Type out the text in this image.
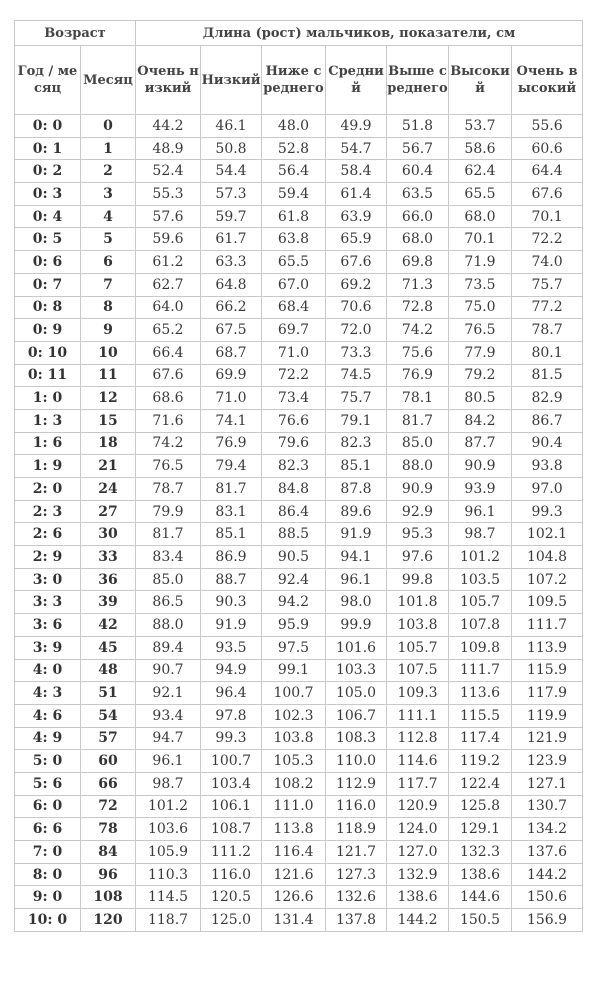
Возраст		Длина (рост) мальчиков, показатели, см						
Год / месяц	Месяц	Очень низкий	Низкий	Ниже среднего	Средний	Выше среднего	Высокий	Очень высокий
0: 0	0	44.2	46.1	48.0	49.9	51.8	53.7	55.6
0: 1	1	48.9	50.8	52.8	54.7	56.7	58.6	60.6
0: 2	2	52.4	54.4	56.4	58.4	60.4	62.4	64.4
0: 3	3	55.3	57.3	59.4	61.4	63.5	65.5	67.6
0: 4	4	57.6	59.7	61.8	63.9	66.0	68.0	70.1
0: 5	5	59.6	61.7	63.8	65.9	68.0	70.1	72.2
0: 6	6	61.2	63.3	65.5	67.6	69.8	71.9	74.0
0: 7	7	62.7	64.8	67.0	69.2	71.3	73.5	75.7
0: 8	8	64.0	66.2	68.4	70.6	72.8	75.0	77.2
0: 9	9	65.2	67.5	69.7	72.0	74.2	76.5	78.7
0: 10	10	66.4	68.7	71.0	73.3	75.6	77.9	80.1
0: 11	11	67.6	69.9	72.2	74.5	76.9	79.2	81.5
1: 0	12	68.6	71.0	73.4	75.7	78.1	80.5	82.9
1: 3	15	71.6	74.1	76.6	79.1	81.7	84.2	86.7
1: 6	18	74.2	76.9	79.6	82.3	85.0	87.7	90.4
1: 9	21	76.5	79.4	82.3	85.1	88.0	90.9	93.8
2: 0	24	78.7	81.7	84.8	87.8	90.9	93.9	97.0
2: 3	27	79.9	83.1	86.4	89.6	92.9	96.1	99.3
2: 6	30	81.7	85.1	88.5	91.9	95.3	98.7	102.1
2: 9	33	83.4	86.9	90.5	94.1	97.6	101.2	104.8
3: 0	36	85.0	88.7	92.4	96.1	99.8	103.5	107.2
3: 3	39	86.5	90.3	94.2	98.0	101.8	105.7	109.5
3: 6	42	88.0	91.9	95.9	99.9	103.8	107.8	111.7
3: 9	45	89.4	93.5	97.5	101.6	105.7	109.8	113.9
4: 0	48	90.7	94.9	99.1	103.3	107.5	111.7	115.9
4: 3	51	92.1	96.4	100.7	105.0	109.3	113.6	117.9
4: 6	54	93.4	97.8	102.3	106.7	111.1	115.5	119.9
4: 9	57	94.7	99.3	103.8	108.3	112.8	117.4	121.9
5: 0	60	96.1	100.7	105.3	110.0	114.6	119.2	123.9
5: 6	66	98.7	103.4	108.2	112.9	117.7	122.4	127.1
6: 0	72	101.2	106.1	111.0	116.0	120.9	125.8	130.7
6: 6	78	103.6	108.7	113.8	118.9	124.0	129.1	134.2
7: 0	84	105.9	111.2	116.4	121.7	127.0	132.3	137.6
8: 0	96	110.3	116.0	121.6	127.3	132.9	138.6	144.2
9: 0	108	114.5	120.5	126.6	132.6	138.6	144.6	150.6
10: 0	120	118.7	125.0	131.4	137.8	144.2	150.5	156.9
